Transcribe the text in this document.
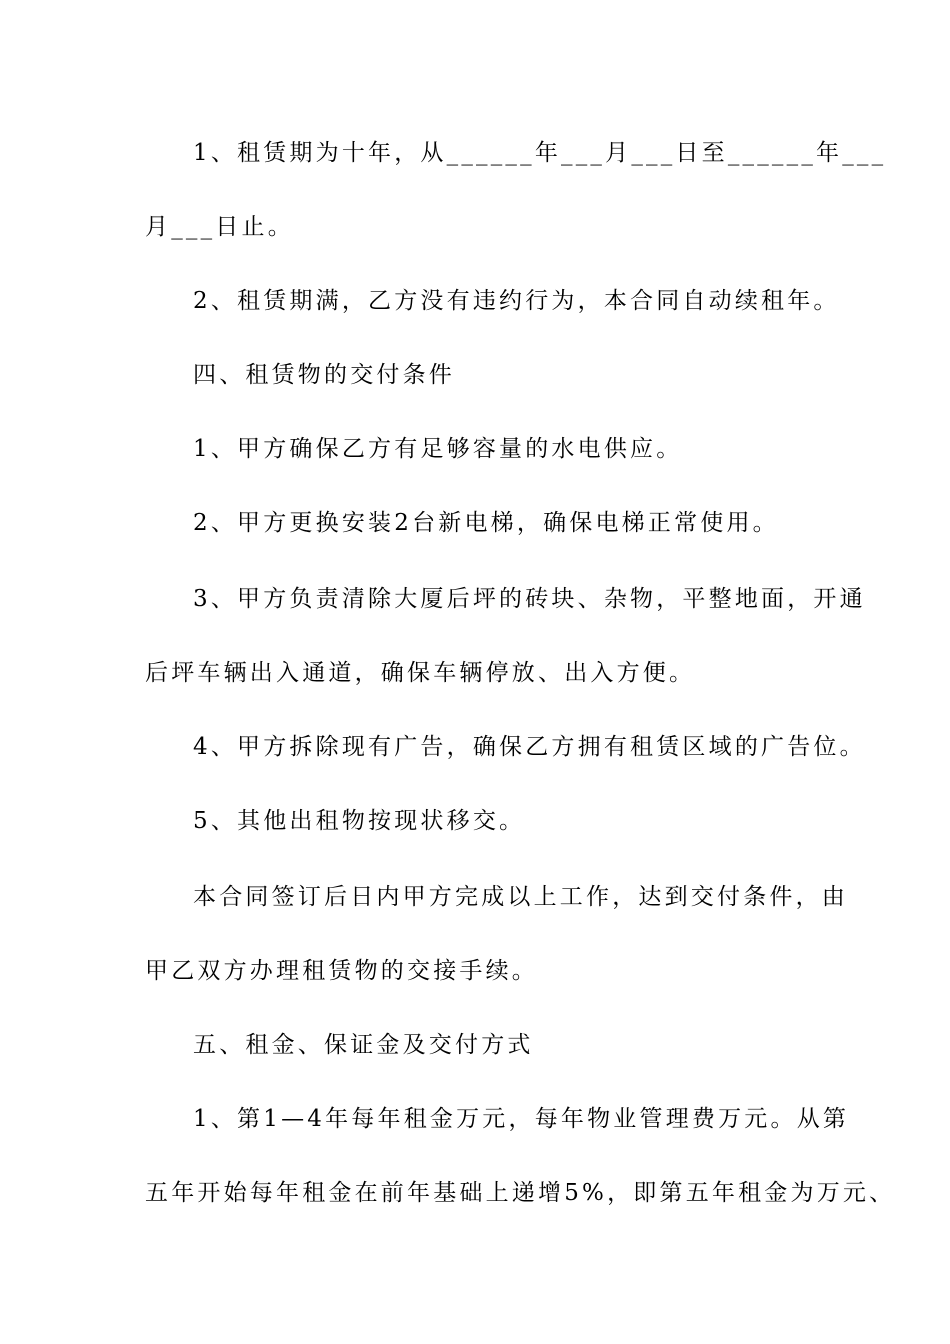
1、租赁期为十年，从______年___月___日至______年___
月___日止。
2、租赁期满，乙方没有违约行为，本合同自动续租年。
四、租赁物的交付条件
1、甲方确保乙方有足够容量的水电供应。
2、甲方更换安装2台新电梯，确保电梯正常使用。
3、甲方负责清除大厦后坪的砖块、杂物，平整地面，开通
后坪车辆出入通道，确保车辆停放、出入方便。
4、甲方拆除现有广告，确保乙方拥有租赁区域的广告位。
5、其他出租物按现状移交。
本合同签订后日内甲方完成以上工作，达到交付条件，由
甲乙双方办理租赁物的交接手续。
五、租金、保证金及交付方式
1、第1—4年每年租金万元，每年物业管理费万元。从第
五年开始每年租金在前年基础上递增5%，即第五年租金为万元、
